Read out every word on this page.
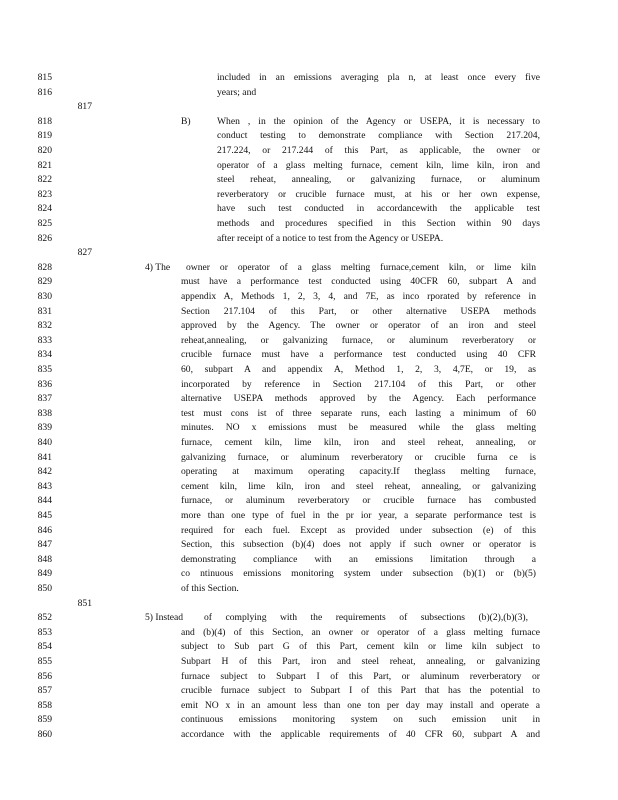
815	included in an emissions averaging pla n, at least once every five
816	years; and
817
818	B)	When , in the opinion of the Agency or USEPA, it is necessary to
819	conduct testing to demonstrate compliance with Section 217.204,
820	217.224, or 217.244 of this Part, as applicable, the owner or
821	operator of a glass melting furnace, cement kiln, lime kiln, iron and
822	steel reheat, annealing, or galvanizing furnace, or aluminum
823	reverberatory or crucible furnace must, at his or her own expense,
824	have such test conducted in accordancewith the applicable test
825	methods and procedures specified in this Section within 90 days
826	after receipt of a notice to test from the Agency or USEPA.
827
828	4) The owner or operator of a glass melting furnace,cement kiln, or lime kiln
829	must have a performance test conducted using 40CFR 60, subpart A and
830	appendix A, Methods 1, 2, 3, 4, and 7E, as inco rporated by reference in
831	Section 217.104 of this Part, or other alternative USEPA methods
832	approved by the Agency. The owner or operator of an iron and steel
833	reheat,annealing, or galvanizing furnace, or aluminum reverberatory or
834	crucible furnace must have a performance test conducted using 40 CFR
835	60, subpart A and appendix A, Method 1, 2, 3, 4,7E, or 19, as
836	incorporated by reference in Section 217.104 of this Part, or other
837	alternative USEPA methods approved by the Agency. Each performance
838	test must cons ist of three separate runs, each lasting a minimum of 60
839	minutes. NO x emissions must be measured while the glass melting
840	furnace, cement kiln, lime kiln, iron and steel reheat, annealing, or
841	galvanizing furnace, or aluminum reverberatory or crucible furna ce is
842	operating at maximum operating capacity.If theglass melting furnace,
843	cement kiln, lime kiln, iron and steel reheat, annealing, or galvanizing
844	furnace, or aluminum reverberatory or crucible furnace has combusted
845	more than one type of fuel in the pr ior year, a separate performance test is
846	required for each fuel. Except as provided under subsection (e) of this
847	Section, this subsection (b)(4) does not apply if such owner or operator is
848	demonstrating compliance with an emissions limitation through a
849	co ntinuous emissions monitoring system under subsection (b)(1) or (b)(5)
850	of this Section.
851
852	5) Instead of complying with the requirements of subsections (b)(2),(b)(3),
853	and (b)(4) of this Section, an owner or operator of a glass melting furnace
854	subject to Sub part G of this Part, cement kiln or lime kiln subject to
855	Subpart H of this Part, iron and steel reheat, annealing, or galvanizing
856	furnace subject to Subpart I of this Part, or aluminum reverberatory or
857	crucible furnace subject to Subpart I of this Part that has the potential to
858	emit NO x in an amount less than one ton per day may install and operate a
859	continuous emissions monitoring system on such emission unit in
860	accordance with the applicable requirements of 40 CFR 60, subpart A and
